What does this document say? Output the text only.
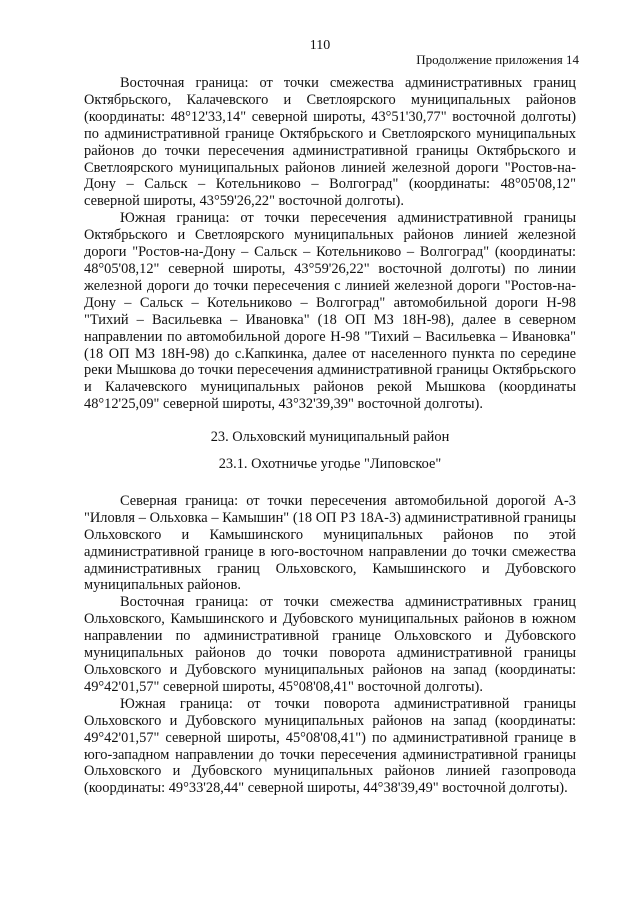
110
Продолжение приложения 14

Восточная граница: от точки смежества административных границ Октябрьского, Калачевского и Светлоярского муниципальных районов (координаты: 48°12'33,14" северной широты, 43°51'30,77" восточной долготы) по административной границе Октябрьского и Светлоярского муниципальных районов до точки пересечения административной границы Октябрьского и Светлоярского муниципальных районов линией железной дороги "Ростов-на-Дону – Сальск – Котельниково – Волгоград" (координаты: 48°05'08,12" северной широты, 43°59'26,22" восточной долготы).

Южная граница: от точки пересечения административной границы Октябрьского и Светлоярского муниципальных районов линией железной дороги "Ростов-на-Дону – Сальск – Котельниково – Волгоград" (координаты: 48°05'08,12" северной широты, 43°59'26,22" восточной долготы) по линии железной дороги до точки пересечения с линией железной дороги "Ростов-на-Дону – Сальск – Котельниково – Волгоград" автомобильной дороги Н-98 "Тихий – Васильевка – Ивановка" (18 ОП МЗ 18Н-98), далее в северном направлении по автомобильной дороге Н-98 "Тихий – Васильевка – Ивановка" (18 ОП МЗ 18Н-98) до с.Капкинка, далее от населенного пункта по середине реки Мышкова до точки пересечения административной границы Октябрьского и Калачевского муниципальных районов рекой Мышкова (координаты 48°12'25,09" северной широты, 43°32'39,39" восточной долготы).

23. Ольховский муниципальный район

23.1. Охотничье угодье "Липовское"

Северная граница: от точки пересечения автомобильной дорогой А-3 "Иловля – Ольховка – Камышин" (18 ОП РЗ 18А-3) административной границы Ольховского и Камышинского муниципальных районов по этой административной границе в юго-восточном направлении до точки смежества административных границ Ольховского, Камышинского и Дубовского муниципальных районов.

Восточная граница: от точки смежества административных границ Ольховского, Камышинского и Дубовского муниципальных районов в южном направлении по административной границе Ольховского и Дубовского муниципальных районов до точки поворота административной границы Ольховского и Дубовского муниципальных районов на запад (координаты: 49°42'01,57" северной широты, 45°08'08,41" восточной долготы).

Южная граница: от точки поворота административной границы Ольховского и Дубовского муниципальных районов на запад (координаты: 49°42'01,57" северной широты, 45°08'08,41") по административной границе в юго-западном направлении до точки пересечения административной границы Ольховского и Дубовского муниципальных районов линией газопровода (координаты: 49°33'28,44" северной широты, 44°38'39,49" восточной долготы).
